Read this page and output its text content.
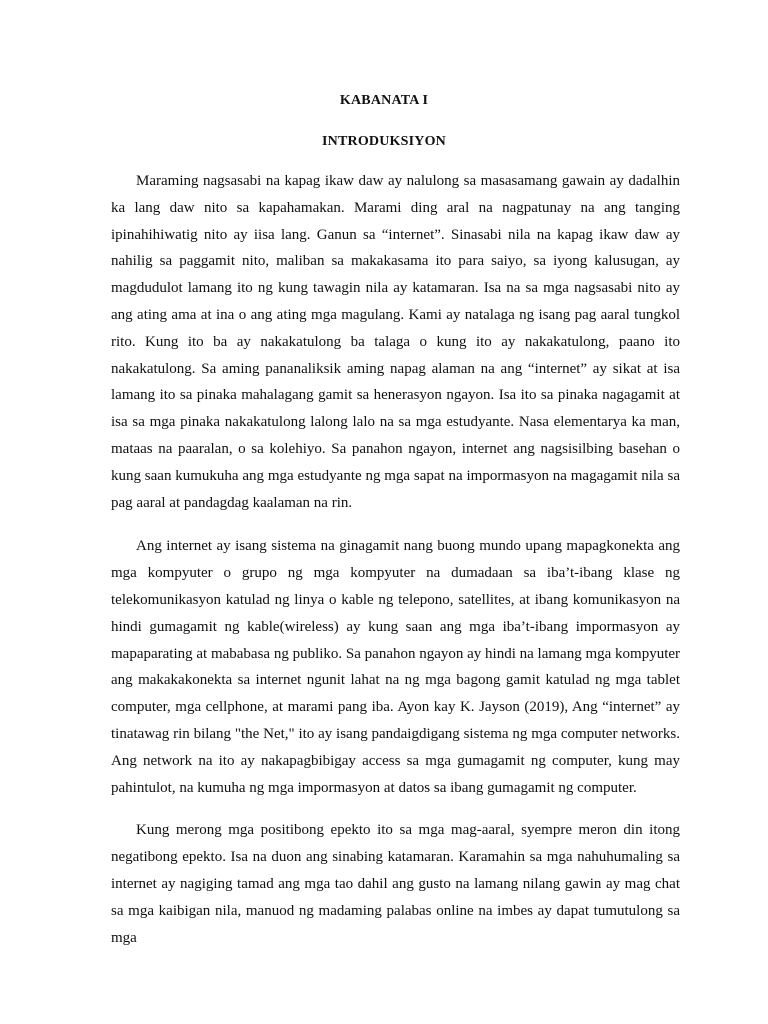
KABANATA I

INTRODUKSIYON

Maraming nagsasabi na kapag ikaw daw ay nalulong sa masasamang gawain ay dadalhin ka lang daw nito sa kapahamakan. Marami ding aral na nagpatunay na ang tanging ipinahihiwatig nito ay iisa lang. Ganun sa “internet”. Sinasabi nila na kapag ikaw daw ay nahilig sa paggamit nito, maliban sa makakasama ito para saiyo, sa iyong kalusugan, ay magdudulot lamang ito ng kung tawagin nila ay katamaran. Isa na sa mga nagsasabi nito ay ang ating ama at ina o ang ating mga magulang. Kami ay natalaga ng isang pag aaral tungkol rito. Kung ito ba ay nakakatulong ba talaga o kung ito ay nakakatulong, paano ito nakakatulong. Sa aming pananaliksik aming napag alaman na ang “internet” ay sikat at isa lamang ito sa pinaka mahalagang gamit sa henerasyon ngayon. Isa ito sa pinaka nagagamit at isa sa mga pinaka nakakatulong lalong lalo na sa mga estudyante. Nasa elementarya ka man, mataas na paaralan, o sa kolehiyo. Sa panahon ngayon, internet ang nagsisilbing basehan o kung saan kumukuha ang mga estudyante ng mga sapat na impormasyon na magagamit nila sa pag aaral at pandagdag kaalaman na rin.

Ang internet ay isang sistema na ginagamit nang buong mundo upang mapagkonekta ang mga kompyuter o grupo ng mga kompyuter na dumadaan sa iba’t-ibang klase ng telekomunikasyon katulad ng linya o kable ng telepono, satellites, at ibang komunikasyon na hindi gumagamit ng kable(wireless) ay kung saan ang mga iba’t-ibang impormasyon ay mapaparating at mababasa ng publiko. Sa panahon ngayon ay hindi na lamang mga kompyuter ang makakakonekta sa internet ngunit lahat na ng mga bagong gamit katulad ng mga tablet computer, mga cellphone, at marami pang iba. Ayon kay K. Jayson (2019), Ang “internet” ay tinatawag rin bilang "the Net," ito ay isang pandaigdigang sistema ng mga computer networks. Ang network na ito ay nakapagbibigay access sa mga gumagamit ng computer, kung may pahintulot, na kumuha ng mga impormasyon at datos sa ibang gumagamit ng computer.

Kung merong mga positibong epekto ito sa mga mag-aaral, syempre meron din itong negatibong epekto. Isa na duon ang sinabing katamaran. Karamahin sa mga nahuhumaling sa internet ay nagiging tamad ang mga tao dahil ang gusto na lamang nilang gawin ay mag chat sa mga kaibigan nila, manuod ng madaming palabas online na imbes ay dapat tumutulong sa mga
